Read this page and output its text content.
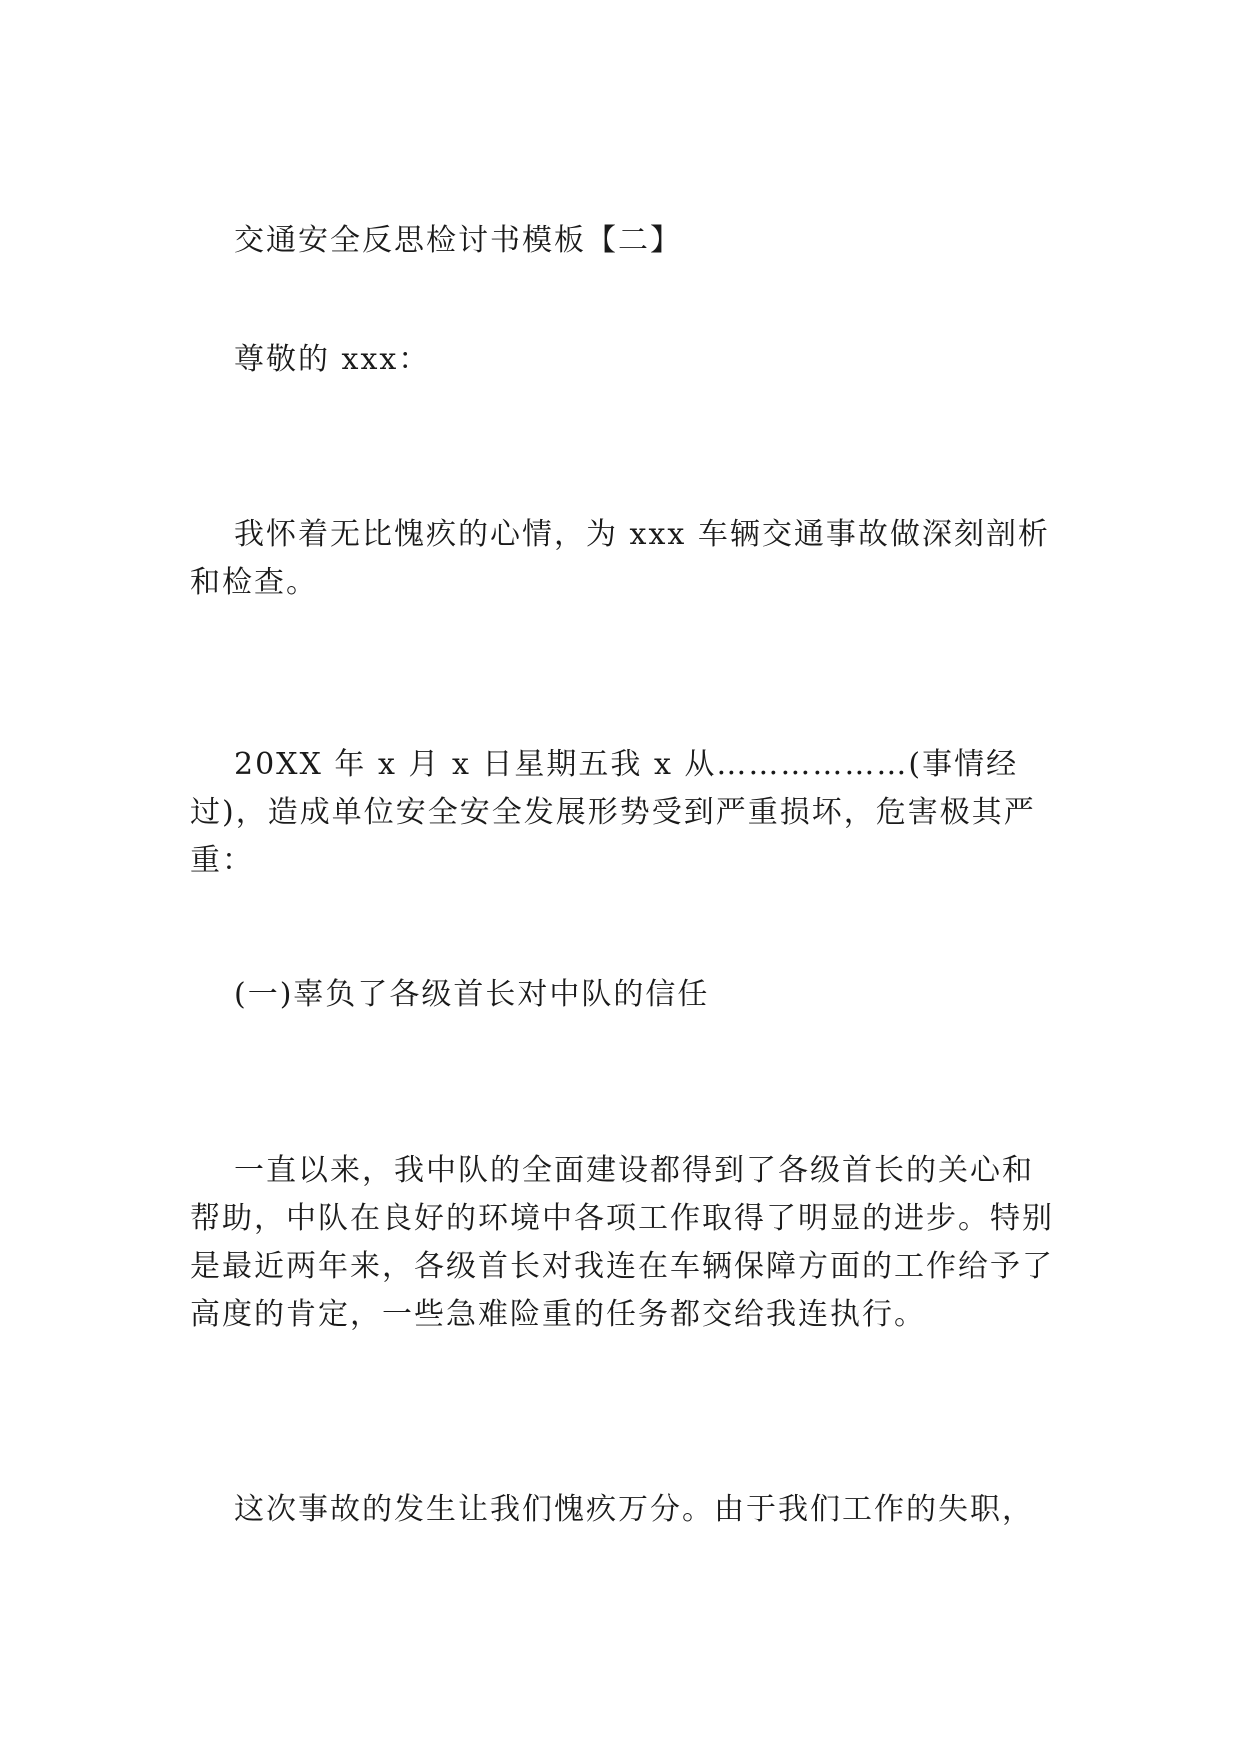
交通安全反思检讨书模板【二】

尊敬的 xxx：

我怀着无比愧疚的心情，为 xxx 车辆交通事故做深刻剖析和检查。

20XX 年 x 月 x 日星期五我 x 从………………(事情经过)，造成单位安全安全发展形势受到严重损坏，危害极其严重：

(一)辜负了各级首长对中队的信任

一直以来，我中队的全面建设都得到了各级首长的关心和帮助，中队在良好的环境中各项工作取得了明显的进步。特别是最近两年来，各级首长对我连在车辆保障方面的工作给予了高度的肯定，一些急难险重的任务都交给我连执行。

这次事故的发生让我们愧疚万分。由于我们工作的失职，
